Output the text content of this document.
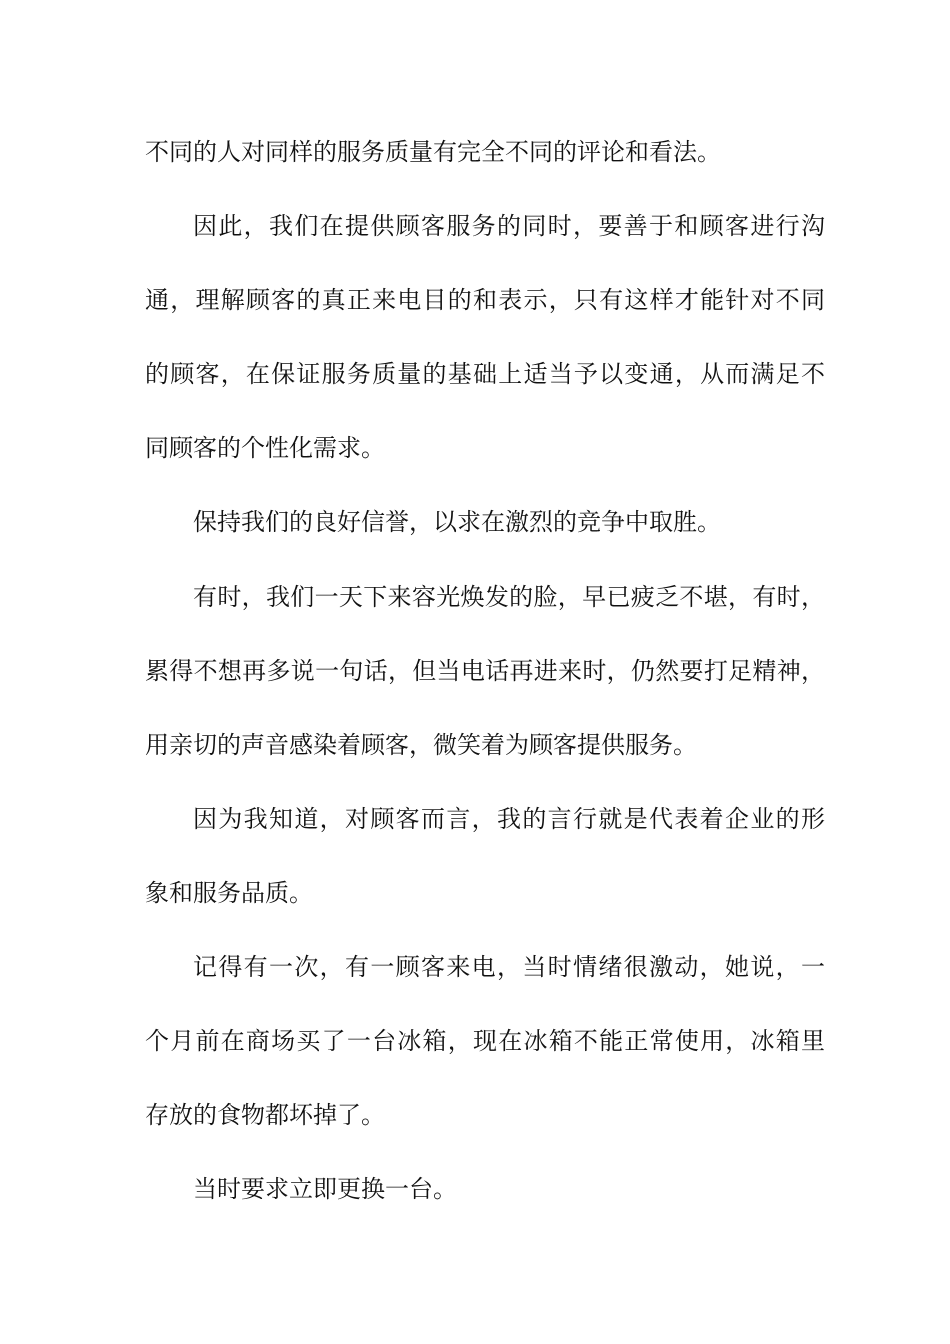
不同的人对同样的服务质量有完全不同的评论和看法。
因此，我们在提供顾客服务的同时，要善于和顾客进行沟
通，理解顾客的真正来电目的和表示，只有这样才能针对不同
的顾客，在保证服务质量的基础上适当予以变通，从而满足不
同顾客的个性化需求。
保持我们的良好信誉，以求在激烈的竞争中取胜。
有时，我们一天下来容光焕发的脸，早已疲乏不堪，有时，
累得不想再多说一句话，但当电话再进来时，仍然要打足精神，
用亲切的声音感染着顾客，微笑着为顾客提供服务。
因为我知道，对顾客而言，我的言行就是代表着企业的形
象和服务品质。
记得有一次，有一顾客来电，当时情绪很激动，她说，一
个月前在商场买了一台冰箱，现在冰箱不能正常使用，冰箱里
存放的食物都坏掉了。
当时要求立即更换一台。
